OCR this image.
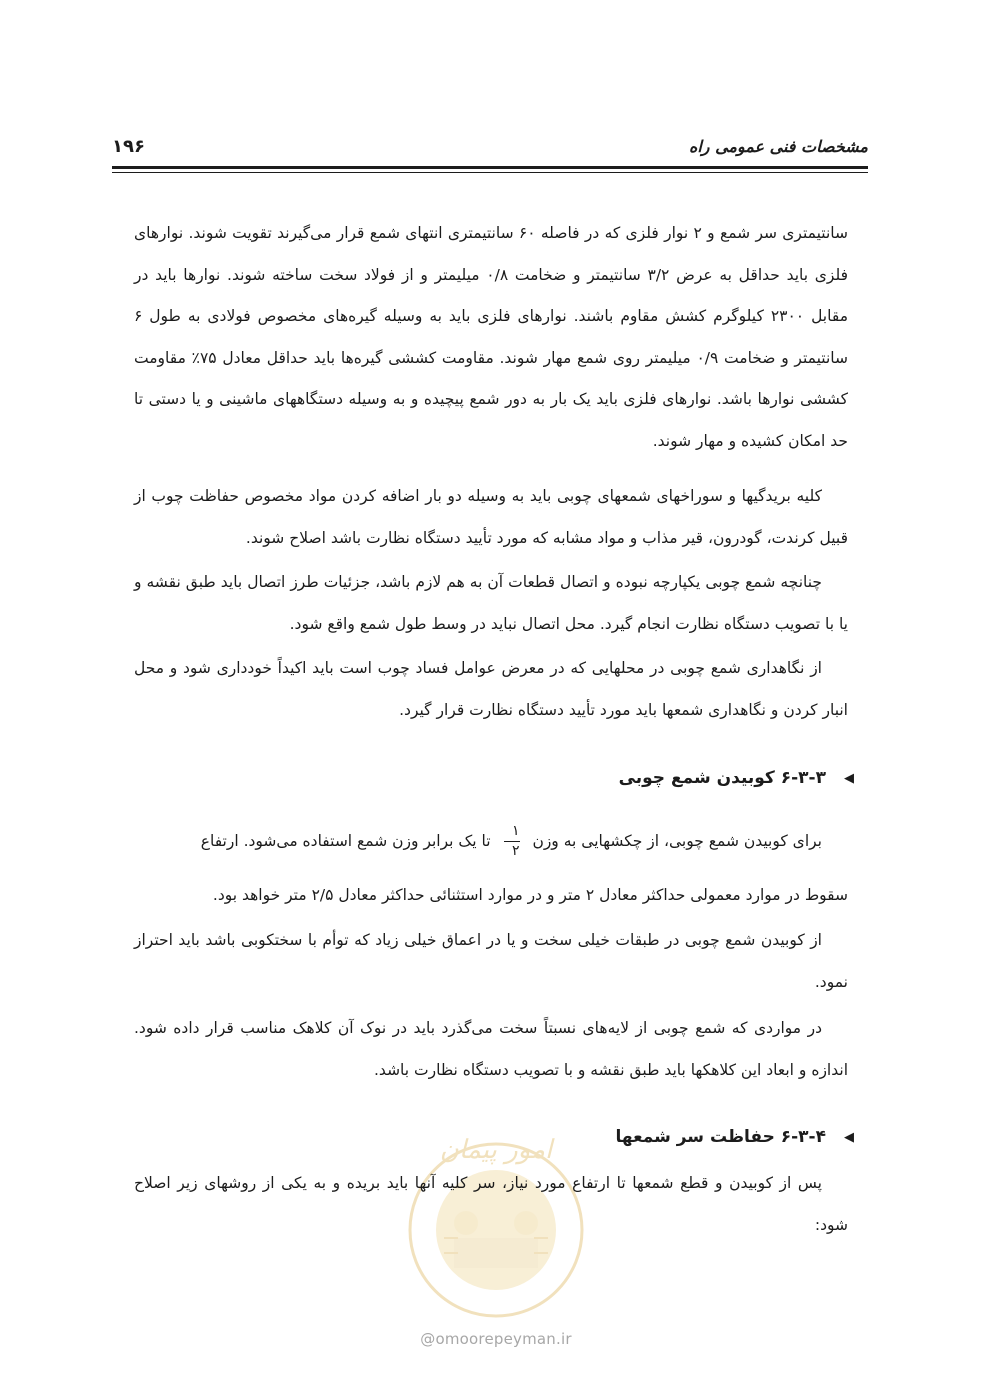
مشخصات فنی عمومی راه
۱۹۶
سانتیمتری سر شمع و ۲ نوار فلزی که در فاصله ۶۰ سانتیمتری انتهای شمع قرار می‌گیرند تقویت شوند. نوارهای فلزی باید حداقل به عرض ۳/۲ سانتیمتر و ضخامت ۰/۸ میلیمتر و از فولاد سخت ساخته شوند. نوارها باید در مقابل ۲۳۰۰ کیلوگرم کشش مقاوم باشند. نوارهای فلزی باید به وسیله گیره‌های مخصوص فولادی به طول ۶ سانتیمتر و ضخامت ۰/۹ میلیمتر روی شمع مهار شوند. مقاومت کششی گیره‌ها باید حداقل معادل ۷۵٪ مقاومت کششی نوارها باشد. نوارهای فلزی باید یک بار به دور شمع پیچیده و به وسیله دستگاههای ماشینی و یا دستی تا حد امکان کشیده و مهار شوند.
کلیه بریدگیها و سوراخهای شمعهای چوبی باید به وسیله دو بار اضافه کردن مواد مخصوص حفاظت چوب از قبیل کرندت، گودرون، قیر مذاب و مواد مشابه که مورد تأیید دستگاه نظارت باشد اصلاح شوند.
چنانچه شمع چوبی یکپارچه نبوده و اتصال قطعات آن به هم لازم باشد، جزئیات طرز اتصال باید طبق نقشه و یا با تصویب دستگاه نظارت انجام گیرد. محل اتصال نباید در وسط طول شمع واقع شود.
از نگاهداری شمع چوبی در محلهایی که در معرض عوامل فساد چوب است باید اکیداً خودداری شود و محل انبار کردن و نگاهداری شمعها باید مورد تأیید دستگاه نظارت قرار گیرد.
◀
۶-۳-۳ کوبیدن شمع چوبی
برای کوبیدن شمع چوبی، از چکشهایی به وزن
$\frac{۱}{۲}$
تا یک برابر وزن شمع استفاده می‌شود. ارتفاع
سقوط در موارد معمولی حداکثر معادل ۲ متر و در موارد استثنائی حداکثر معادل ۲/۵ متر خواهد بود.
از کوبیدن شمع چوبی در طبقات خیلی سخت و یا در اعماق خیلی زیاد که توأم با سختکوبی باشد باید احتراز نمود.
در مواردی که شمع چوبی از لایه‌های نسبتاً سخت می‌گذرد باید در نوک آن کلاهک مناسب قرار داده شود. اندازه و ابعاد این کلاهکها باید طبق نقشه و با تصویب دستگاه نظارت باشد.
◀
۶-۳-۴ حفاظت سر شمعها
امور پیمان
@omoorepeyman.ir
پس از کوبیدن و قطع شمعها تا ارتفاع مورد نیاز، سر کلیه آنها باید بریده و به یکی از روشهای زیر اصلاح شود:
